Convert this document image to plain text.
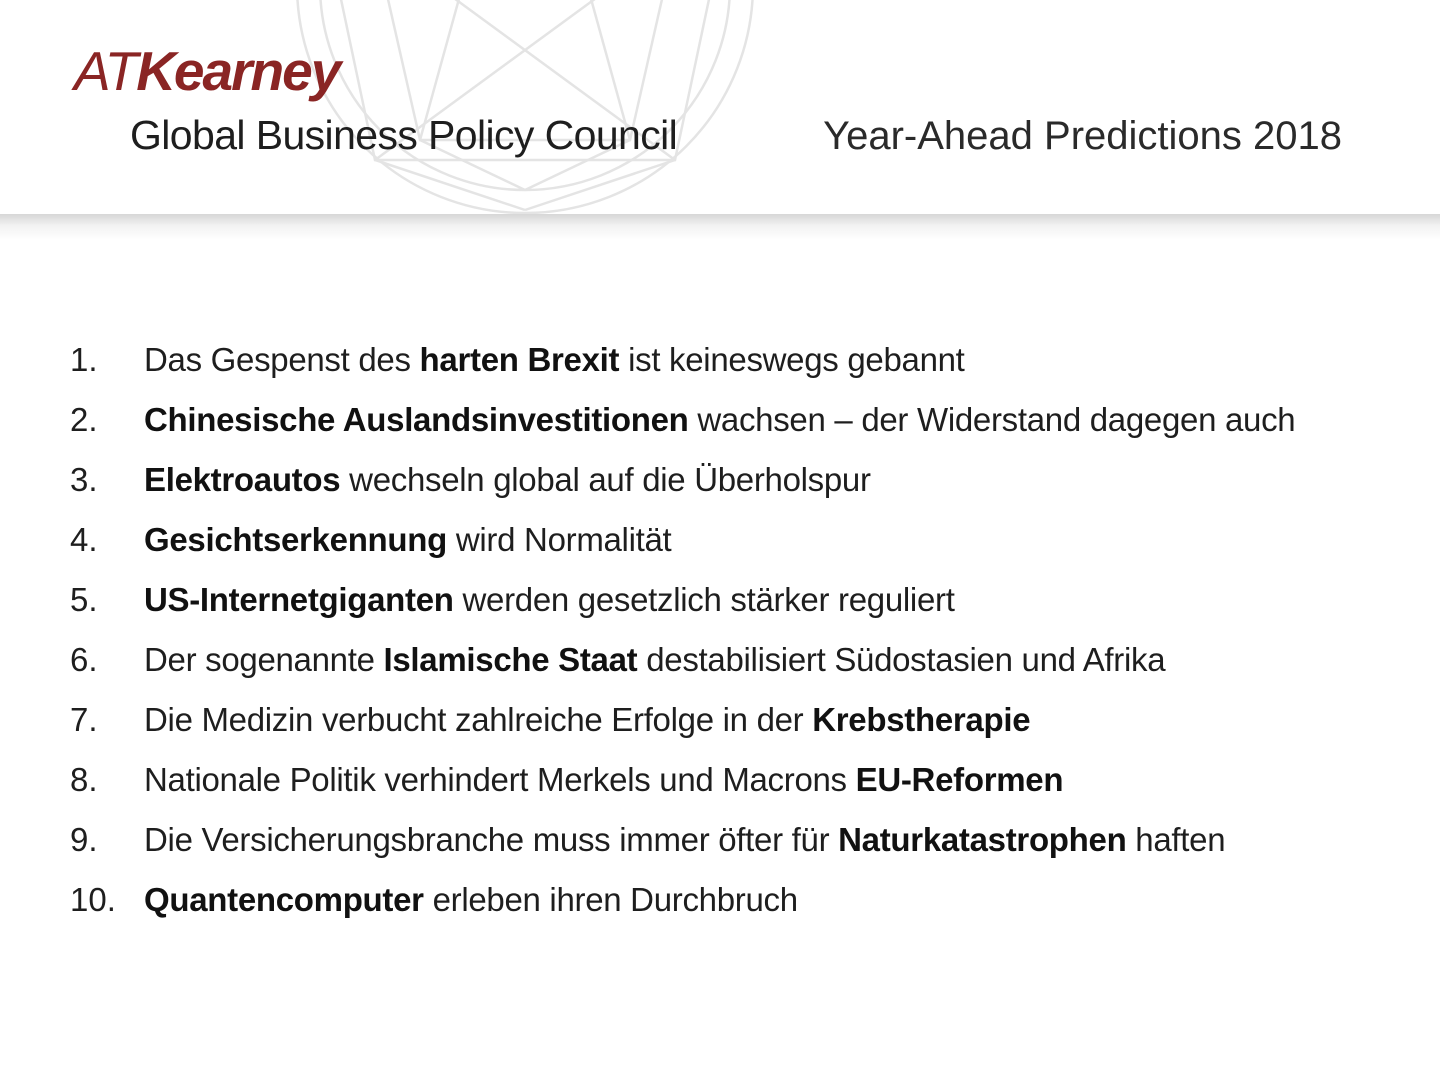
ATKearney
Global Business Policy Council	Year-Ahead Predictions 2018
1.	Das Gespenst des harten Brexit ist keineswegs gebannt
2.	Chinesische Auslandsinvestitionen wachsen – der Widerstand dagegen auch
3.	Elektroautos wechseln global auf die Überholspur
4.	Gesichtserkennung wird Normalität
5.	US-Internetgiganten werden gesetzlich stärker reguliert
6.	Der sogenannte Islamische Staat destabilisiert Südostasien und Afrika
7.	Die Medizin verbucht zahlreiche Erfolge in der Krebstherapie
8.	Nationale Politik verhindert Merkels und Macrons EU-Reformen
9.	Die Versicherungsbranche muss immer öfter für Naturkatastrophen haften
10. Quantencomputer erleben ihren Durchbruch
